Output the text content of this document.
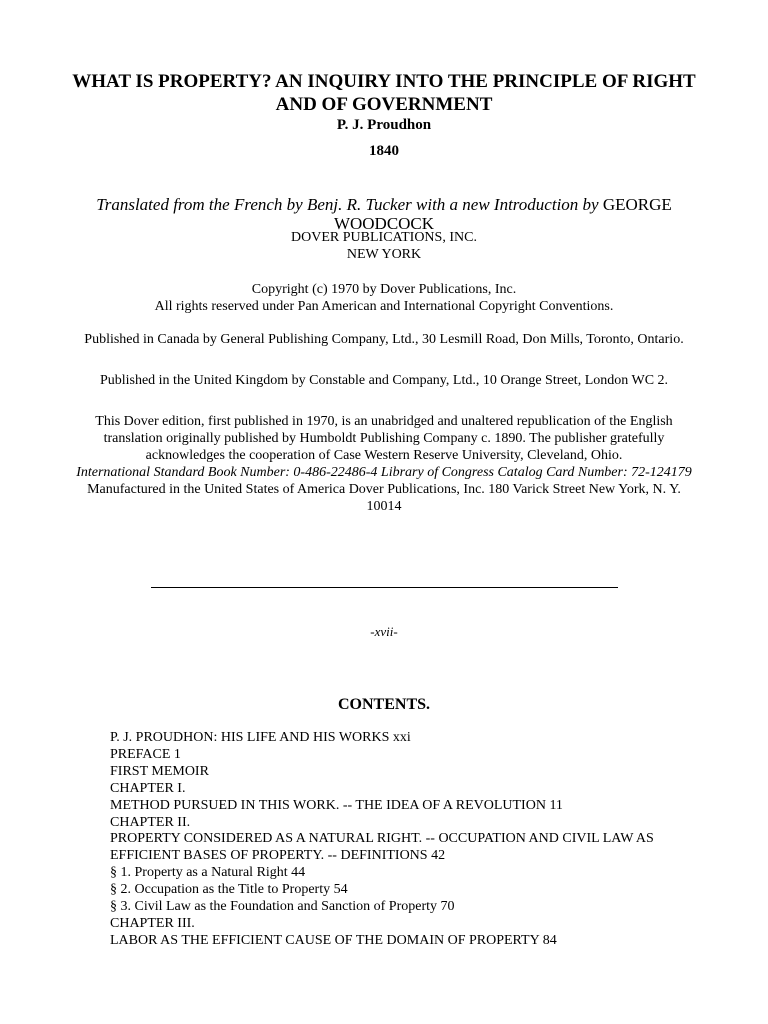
WHAT IS PROPERTY? AN INQUIRY INTO THE PRINCIPLE OF RIGHT AND OF GOVERNMENT
P. J. Proudhon
1840
Translated from the French by Benj. R. Tucker with a new Introduction by GEORGE WOODCOCK
DOVER PUBLICATIONS, INC.
NEW YORK
Copyright (c) 1970 by Dover Publications, Inc.
All rights reserved under Pan American and International Copyright Conventions.
Published in Canada by General Publishing Company, Ltd., 30 Lesmill Road, Don Mills, Toronto, Ontario.
Published in the United Kingdom by Constable and Company, Ltd., 10 Orange Street, London WC 2.
This Dover edition, first published in 1970, is an unabridged and unaltered republication of the English translation originally published by Humboldt Publishing Company c. 1890. The publisher gratefully acknowledges the cooperation of Case Western Reserve University, Cleveland, Ohio.
International Standard Book Number: 0-486-22486-4 Library of Congress Catalog Card Number: 72-124179
Manufactured in the United States of America Dover Publications, Inc. 180 Varick Street New York, N. Y. 10014
-xvii-
CONTENTS.
P. J. PROUDHON: HIS LIFE AND HIS WORKS xxi
PREFACE 1
FIRST MEMOIR
CHAPTER I.
METHOD PURSUED IN THIS WORK. -- THE IDEA OF A REVOLUTION 11
CHAPTER II.
PROPERTY CONSIDERED AS A NATURAL RIGHT. -- OCCUPATION AND CIVIL LAW AS EFFICIENT BASES OF PROPERTY. -- DEFINITIONS 42
§ 1. Property as a Natural Right 44
§ 2. Occupation as the Title to Property 54
§ 3. Civil Law as the Foundation and Sanction of Property 70
CHAPTER III.
LABOR AS THE EFFICIENT CAUSE OF THE DOMAIN OF PROPERTY 84
